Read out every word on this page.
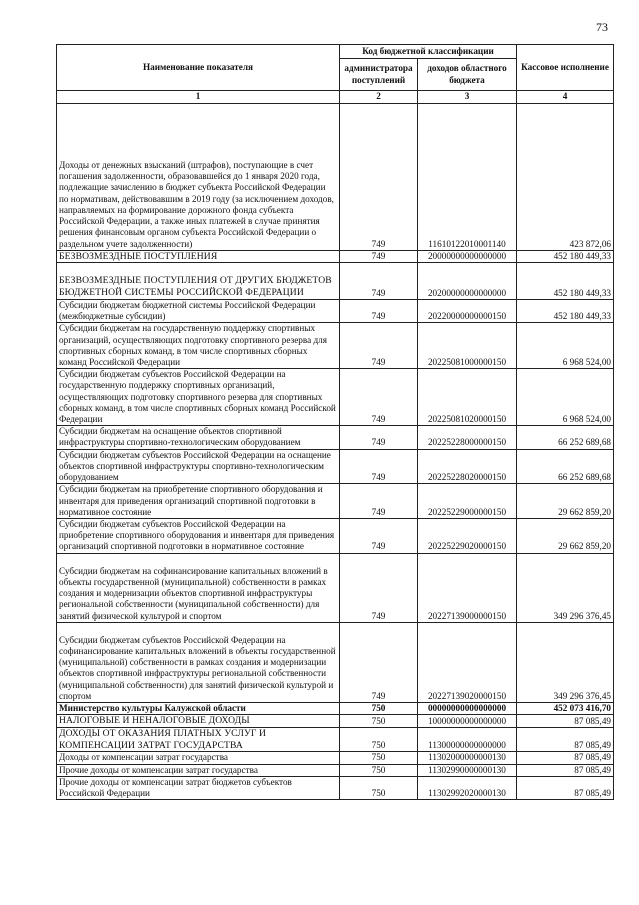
73
Наименование показателя	Код бюджетной классификации		Кассовое исполнение
	администратора поступлений	доходов областного бюджета	
1	2	3	4
Доходы от денежных взысканий (штрафов), поступающие в счет погашения задолженности, образовавшейся до 1 января 2020 года, подлежащие зачислению в бюджет субъекта Российской Федерации по нормативам, действовавшим в 2019 году (за исключением доходов, направляемых на формирование дорожного фонда субъекта Российской Федерации, а также иных платежей в случае принятия решения финансовым органом субъекта Российской Федерации о раздельном учете задолженности)	749	11610122010001140	423 872,06
БЕЗВОЗМЕЗДНЫЕ ПОСТУПЛЕНИЯ	749	20000000000000000	452 180 449,33
БЕЗВОЗМЕЗДНЫЕ ПОСТУПЛЕНИЯ ОТ ДРУГИХ БЮДЖЕТОВ БЮДЖЕТНОЙ СИСТЕМЫ РОССИЙСКОЙ ФЕДЕРАЦИИ	749	20200000000000000	452 180 449,33
Субсидии бюджетам бюджетной системы Российской Федерации (межбюджетные субсидии)	749	20220000000000150	452 180 449,33
Субсидии бюджетам на государственную поддержку спортивных организаций, осуществляющих подготовку спортивного резерва для спортивных сборных команд, в том числе спортивных сборных команд Российской Федерации	749	20225081000000150	6 968 524,00
Субсидии бюджетам субъектов Российской Федерации на государственную поддержку спортивных организаций, осуществляющих подготовку спортивного резерва для спортивных сборных команд, в том числе спортивных сборных команд Российской Федерации	749	20225081020000150	6 968 524,00
Субсидии бюджетам на оснащение объектов спортивной инфраструктуры спортивно-технологическим оборудованием	749	20225228000000150	66 252 689,68
Субсидии бюджетам субъектов Российской Федерации на оснащение объектов спортивной инфраструктуры спортивно-технологическим оборудованием	749	20225228020000150	66 252 689,68
Субсидии бюджетам на приобретение спортивного оборудования и инвентаря для приведения организаций спортивной подготовки в нормативное состояние	749	20225229000000150	29 662 859,20
Субсидии бюджетам субъектов Российской Федерации на приобретение спортивного оборудования и инвентаря для приведения организаций спортивной подготовки в нормативное состояние	749	20225229020000150	29 662 859,20
Субсидии бюджетам на софинансирование капитальных вложений в объекты государственной (муниципальной) собственности в рамках создания и модернизации объектов спортивной инфраструктуры региональной собственности (муниципальной собственности) для занятий физической культурой и спортом	749	20227139000000150	349 296 376,45
Субсидии бюджетам субъектов Российской Федерации на софинансирование капитальных вложений в объекты государственной (муниципальной) собственности в рамках создания и модернизации объектов спортивной инфраструктуры региональной собственности (муниципальной собственности) для занятий физической культурой и спортом	749	20227139020000150	349 296 376,45
Министерство культуры Калужской области	750	00000000000000000	452 073 416,70
НАЛОГОВЫЕ И НЕНАЛОГОВЫЕ ДОХОДЫ	750	10000000000000000	87 085,49
ДОХОДЫ ОТ ОКАЗАНИЯ ПЛАТНЫХ УСЛУГ И КОМПЕНСАЦИИ ЗАТРАТ ГОСУДАРСТВА	750	11300000000000000	87 085,49
Доходы от компенсации затрат государства	750	11302000000000130	87 085,49
Прочие доходы от компенсации затрат государства	750	11302990000000130	87 085,49
Прочие доходы от компенсации затрат бюджетов субъектов Российской Федерации	750	11302992020000130	87 085,49
